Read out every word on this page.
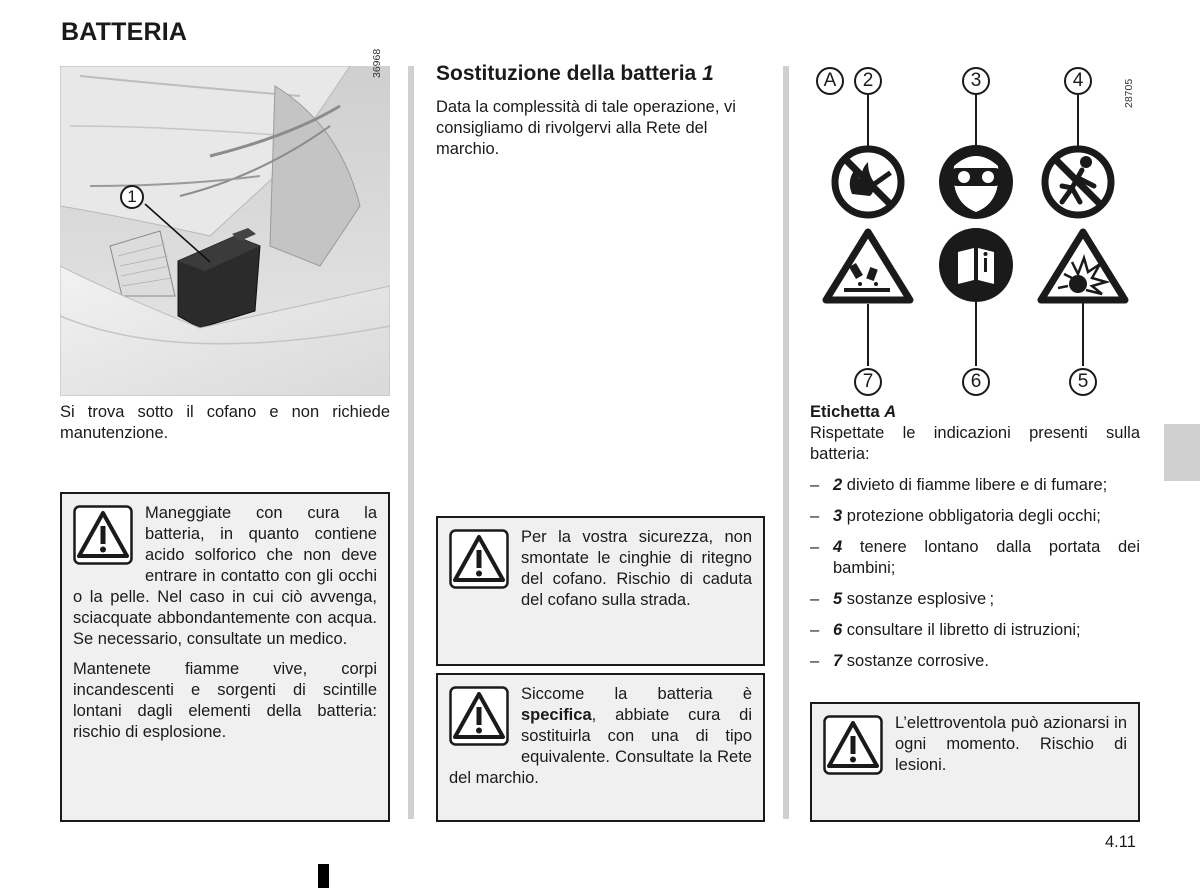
BATTERIA
1
36968
Si trova sotto il cofano e non richiede manutenzione.

Maneggiate con cura la batteria, in quanto contiene acido solforico che non deve entrare in contatto con gli occhi o la pelle. Nel caso in cui ciò avvenga, sciacquate abbondantemente con acqua. Se necessario, consultate un medico.

Mantenete fiamme vive, corpi incandescenti e sorgenti di scintille lontani dagli elementi della batteria: rischio di esplosione.

Sostituzione della batteria 1
Data la complessità di tale operazione, vi consigliamo di rivolgervi alla Rete del marchio.

Per la vostra sicurezza, non smontate le cinghie di ritegno del cofano. Rischio di caduta del cofano sulla strada.

Siccome la batteria è specifica, abbiate cura di sostituirla con una di tipo equivalente. Consultate la Rete del marchio.

A	2	3	4
7	6	5
28705
Etichetta A
Rispettate le indicazioni presenti sulla batteria:
– 2 divieto di fiamme libere e di fumare;
– 3 protezione obbligatoria degli occhi;
– 4 tenere lontano dalla portata dei bambini;
– 5 sostanze esplosive ;
– 6 consultare il libretto di istruzioni;
– 7 sostanze corrosive.

L’elettroventola può azionarsi in ogni momento. Rischio di lesioni.

4.11
